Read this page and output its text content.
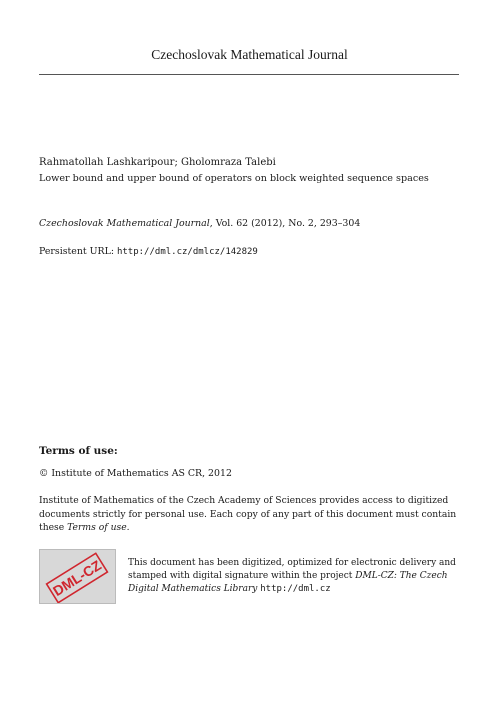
Czechoslovak Mathematical Journal
Rahmatollah Lashkaripour; Gholomraza Talebi
Lower bound and upper bound of operators on block weighted sequence spaces
Czechoslovak Mathematical Journal, Vol. 62 (2012), No. 2, 293–304
Persistent URL: http://dml.cz/dmlcz/142829
Terms of use:
© Institute of Mathematics AS CR, 2012
Institute of Mathematics of the Czech Academy of Sciences provides access to digitized documents strictly for personal use. Each copy of any part of this document must contain these Terms of use.
DML-CZ	This document has been digitized, optimized for electronic delivery and stamped with digital signature within the project DML-CZ: The Czech Digital Mathematics Library http://dml.cz
